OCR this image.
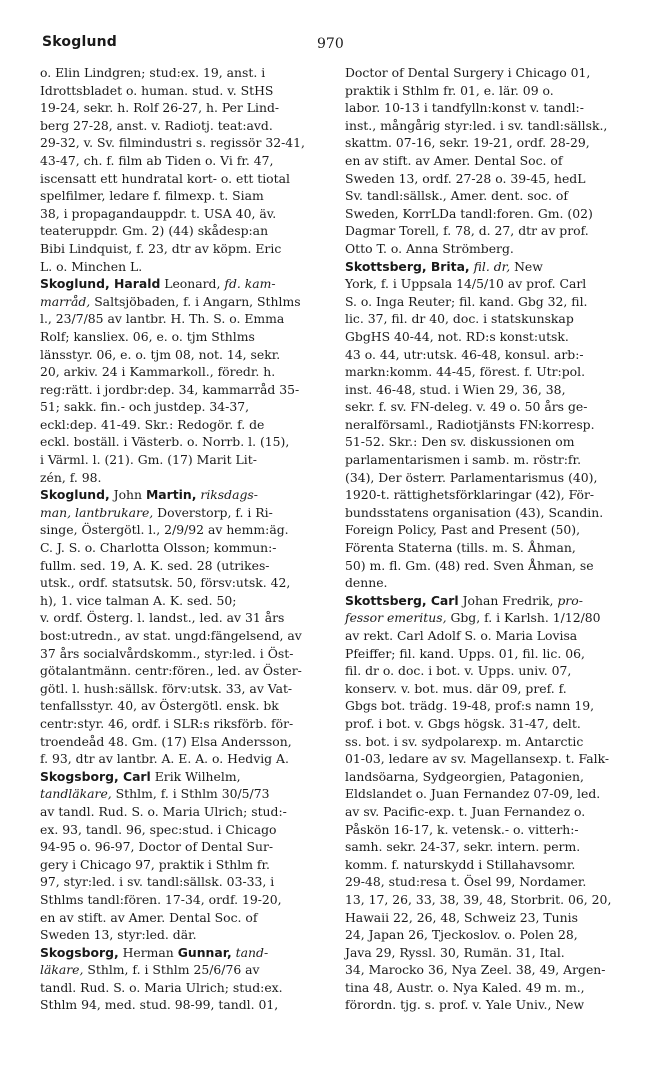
Skoglund	970
o. Elin Lindgren; stud:ex. 19, anst. i
Idrottsbladet o. human. stud. v. StHS
19-24, sekr. h. Rolf 26-27, h. Per Lind-
berg 27-28, anst. v. Radiotj. teat:avd.
29-32, v. Sv. filmindustri s. regissör 32-41,
43-47, ch. f. film ab Tiden o. Vi fr. 47,
iscensatt ett hundratal kort- o. ett tiotal
spelfilmer, ledare f. filmexp. t. Siam
38, i propagandauppdr. t. USA 40, äv.
teateruppdr. Gm. 2) (44) skådesp:an
Bibi Lindquist, f. 23, dtr av köpm. Eric
L. o. Minchen L.
Skoglund, Harald Leonard, fd. kam-
marråd, Saltsjöbaden, f. i Angarn, Sthlms
l., 23/7/85 av lantbr. H. Th. S. o. Emma
Rolf; kansliex. 06, e. o. tjm Sthlms
länsstyr. 06, e. o. tjm 08, not. 14, sekr.
20, arkiv. 24 i Kammarkoll., föredr. h.
reg:rätt. i jordbr:dep. 34, kammarråd 35-
51; sakk. fin.- och justdep. 34-37,
eckl:dep. 41-49. Skr.: Redogör. f. de
eckl. boställ. i Västerb. o. Norrb. l. (15),
i Värml. l. (21). Gm. (17) Marit Lit-
zén, f. 98.
Skoglund, John Martin, riksdags-
man, lantbrukare, Doverstorp, f. i Ri-
singe, Östergötl. l., 2/9/92 av hemm:äg.
C. J. S. o. Charlotta Olsson; kommun:-
fullm. sed. 19, A. K. sed. 28 (utrikes-
utsk., ordf. statsutsk. 50, försv:utsk. 42,
h), 1. vice talman A. K. sed. 50;
v. ordf. Österg. l. landst., led. av 31 års
bost:utredn., av stat. ungd:fängelsend, av
37 års socialvårdskomm., styr:led. i Öst-
götalantmänn. centr:fören., led. av Öster-
götl. l. hush:sällsk. förv:utsk. 33, av Vat-
tenfallsstyr. 40, av Östergötl. ensk. bk
centr:styr. 46, ordf. i SLR:s riksförb. för-
troendeåd 48. Gm. (17) Elsa Andersson,
f. 93, dtr av lantbr. A. E. A. o. Hedvig A.
Skogsborg, Carl Erik Wilhelm,
tandläkare, Sthlm, f. i Sthlm 30/5/73
av tandl. Rud. S. o. Maria Ulrich; stud:-
ex. 93, tandl. 96, spec:stud. i Chicago
94-95 o. 96-97, Doctor of Dental Sur-
gery i Chicago 97, praktik i Sthlm fr.
97, styr:led. i sv. tandl:sällsk. 03-33, i
Sthlms tandl:fören. 17-34, ordf. 19-20,
en av stift. av Amer. Dental Soc. of
Sweden 13, styr:led. där.
Skogsborg, Herman Gunnar, tand-
läkare, Sthlm, f. i Sthlm 25/6/76 av
tandl. Rud. S. o. Maria Ulrich; stud:ex.
Sthlm 94, med. stud. 98-99, tandl. 01,
Doctor of Dental Surgery i Chicago 01,
praktik i Sthlm fr. 01, e. lär. 09 o.
labor. 10-13 i tandfylln:konst v. tandl:-
inst., mångårig styr:led. i sv. tandl:sällsk.,
skattm. 07-16, sekr. 19-21, ordf. 28-29,
en av stift. av Amer. Dental Soc. of
Sweden 13, ordf. 27-28 o. 39-45, hedL
Sv. tandl:sällsk., Amer. dent. soc. of
Sweden, KorrLDa tandl:foren. Gm. (02)
Dagmar Torell, f. 78, d. 27, dtr av prof.
Otto T. o. Anna Strömberg.
Skottsberg, Brita, fil. dr, New
York, f. i Uppsala 14/5/10 av prof. Carl
S. o. Inga Reuter; fil. kand. Gbg 32, fil.
lic. 37, fil. dr 40, doc. i statskunskap
GbgHS 40-44, not. RD:s konst:utsk.
43 o. 44, utr:utsk. 46-48, konsul. arb:-
markn:komm. 44-45, förest. f. Utr:pol.
inst. 46-48, stud. i Wien 29, 36, 38,
sekr. f. sv. FN-deleg. v. 49 o. 50 års ge-
neralförsaml., Radiotjänsts FN:korresp.
51-52. Skr.: Den sv. diskussionen om
parlamentarismen i samb. m. röstr:fr.
(34), Der österr. Parlamentarismus (40),
1920-t. rättighetsförklaringar (42), För-
bundsstatens organisation (43), Scandin.
Foreign Policy, Past and Present (50),
Förenta Staterna (tills. m. S. Åhman,
50) m. fl. Gm. (48) red. Sven Åhman, se
denne.
Skottsberg, Carl Johan Fredrik, pro-
fessor emeritus, Gbg, f. i Karlsh. 1/12/80
av rekt. Carl Adolf S. o. Maria Lovisa
Pfeiffer; fil. kand. Upps. 01, fil. lic. 06,
fil. dr o. doc. i bot. v. Upps. univ. 07,
konserv. v. bot. mus. där 09, pref. f.
Gbgs bot. trädg. 19-48, prof:s namn 19,
prof. i bot. v. Gbgs högsk. 31-47, delt.
ss. bot. i sv. sydpolarexp. m. Antarctic
01-03, ledare av sv. Magellansexp. t. Falk-
landsöarna, Sydgeorgien, Patagonien,
Eldslandet o. Juan Fernandez 07-09, led.
av sv. Pacific-exp. t. Juan Fernandez o.
Påskön 16-17, k. vetensk.- o. vitterh:-
samh. sekr. 24-37, sekr. intern. perm.
komm. f. naturskydd i Stillahavsomr.
29-48, stud:resa t. Ösel 99, Nordamer.
13, 17, 26, 33, 38, 39, 48, Storbrit. 06, 20,
Hawaii 22, 26, 48, Schweiz 23, Tunis
24, Japan 26, Tjeckoslov. o. Polen 28,
Java 29, Ryssl. 30, Rumän. 31, Ital.
34, Marocko 36, Nya Zeel. 38, 49, Argen-
tina 48, Austr. o. Nya Kaled. 49 m. m.,
förordn. tjg. s. prof. v. Yale Univ., New
